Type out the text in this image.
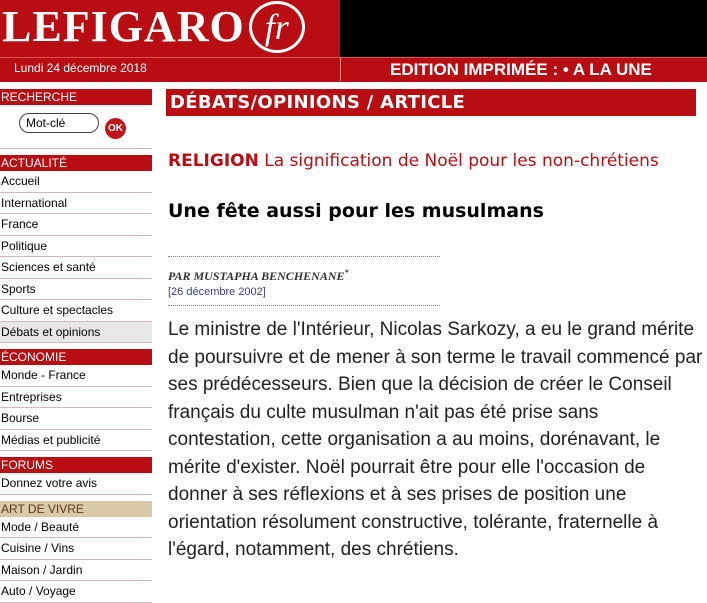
LEFIGARO fr
Lundi 24 décembre 2018	EDITION IMPRIMÉE : • A LA UNE
RECHERCHE
Mot-clé	OK
ACTUALITÉ
Accueil
International
France
Politique
Sciences et santé
Sports
Culture et spectacles
Débats et opinions
ÉCONOMIE
Monde - France
Entreprises
Bourse
Médias et publicité
FORUMS
Donnez votre avis
ART DE VIVRE
Mode / Beauté
Cuisine / Vins
Maison / Jardin
Auto / Voyage
DÉBATS/OPINIONS / ARTICLE
RELIGION La signification de Noël pour les non-chrétiens
Une fête aussi pour les musulmans
PAR MUSTAPHA BENCHENANE*
[26 décembre 2002]
Le ministre de l'Intérieur, Nicolas Sarkozy, a eu le grand mérite de poursuivre et de mener à son terme le travail commencé par ses prédécesseurs. Bien que la décision de créer le Conseil français du culte musulman n'ait pas été prise sans contestation, cette organisation a au moins, dorénavant, le mérite d'exister. Noël pourrait être pour elle l'occasion de donner à ses réflexions et à ses prises de position une orientation résolument constructive, tolérante, fraternelle à l'égard, notamment, des chrétiens.
